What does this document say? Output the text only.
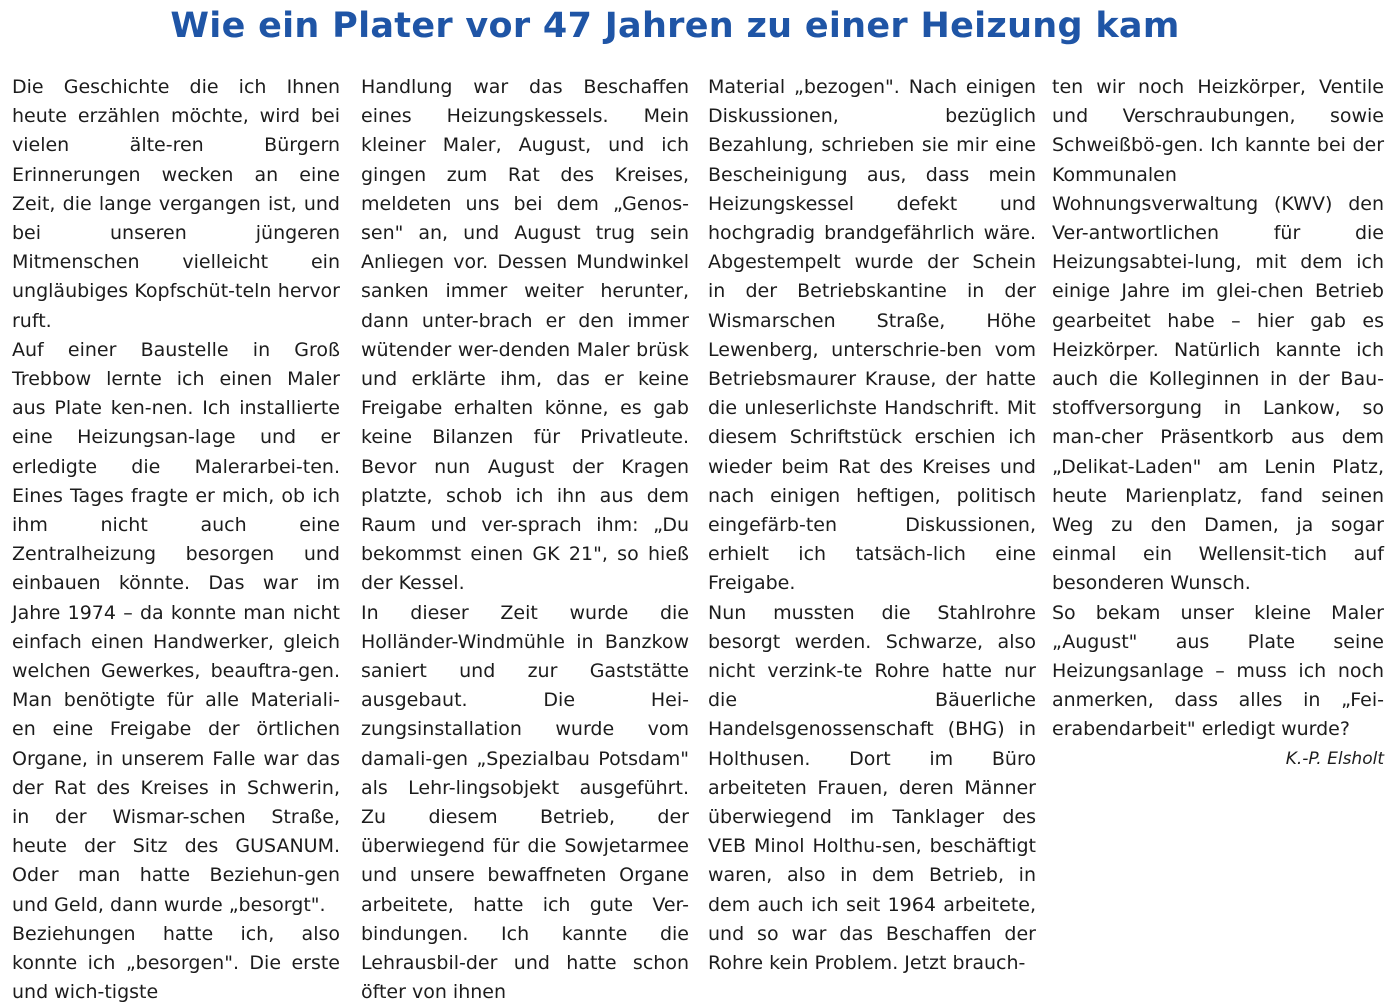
Wie ein Plater vor 47 Jahren zu einer Heizung kam

Die Geschichte die ich Ihnen heute erzählen möchte, wird bei vielen älte-ren Bürgern Erinnerungen wecken an eine Zeit, die lange vergangen ist, und bei unseren jüngeren Mitmenschen vielleicht ein ungläubiges Kopfschüt-teln hervor ruft.

Auf einer Baustelle in Groß Trebbow lernte ich einen Maler aus Plate ken-nen. Ich installierte eine Heizungsan-lage und er erledigte die Malerarbei-ten. Eines Tages fragte er mich, ob ich ihm nicht auch eine Zentralheizung besorgen und einbauen könnte. Das war im Jahre 1974 – da konnte man nicht einfach einen Handwerker, gleich welchen Gewerkes, beauftra-gen. Man benötigte für alle Materiali-en eine Freigabe der örtlichen Organe, in unserem Falle war das der Rat des Kreises in Schwerin, in der Wismar-schen Straße, heute der Sitz des GUSANUM. Oder man hatte Beziehun-gen und Geld, dann wurde „besorgt".

Beziehungen hatte ich, also konnte ich „besorgen". Die erste und wich-tigste

Handlung war das Beschaffen eines Heizungskessels. Mein kleiner Maler, August, und ich gingen zum Rat des Kreises, meldeten uns bei dem „Genos-sen" an, und August trug sein Anliegen vor. Dessen Mundwinkel sanken immer weiter herunter, dann unter-brach er den immer wütender wer-denden Maler brüsk und erklärte ihm, das er keine Freigabe erhalten könne, es gab keine Bilanzen für Privatleute. Bevor nun August der Kragen platzte, schob ich ihn aus dem Raum und ver-sprach ihm: „Du bekommst einen GK 21", so hieß der Kessel.

In dieser Zeit wurde die Holländer-Windmühle in Banzkow saniert und zur Gaststätte ausgebaut. Die Hei-zungsinstallation wurde vom damali-gen „Spezialbau Potsdam" als Lehr-lingsobjekt ausgeführt. Zu diesem Betrieb, der überwiegend für die Sowjetarmee und unsere bewaffneten Organe arbeitete, hatte ich gute Ver-bindungen. Ich kannte die Lehrausbil-der und hatte schon öfter von ihnen

Material „bezogen". Nach einigen Diskussionen, bezüglich Bezahlung, schrieben sie mir eine Bescheinigung aus, dass mein Heizungskessel defekt und hochgradig brandgefährlich wäre. Abgestempelt wurde der Schein in der Betriebskantine in der Wismarschen Straße, Höhe Lewenberg, unterschrie-ben vom Betriebsmaurer Krause, der hatte die unleserlichste Handschrift. Mit diesem Schriftstück erschien ich wieder beim Rat des Kreises und nach einigen heftigen, politisch eingefärb-ten Diskussionen, erhielt ich tatsäch-lich eine Freigabe.

Nun mussten die Stahlrohre besorgt werden. Schwarze, also nicht verzink-te Rohre hatte nur die Bäuerliche Handelsgenossenschaft (BHG) in Holthusen. Dort im Büro arbeiteten Frauen, deren Männer überwiegend im Tanklager des VEB Minol Holthu-sen, beschäftigt waren, also in dem Betrieb, in dem auch ich seit 1964 arbeitete, und so war das Beschaffen der Rohre kein Problem. Jetzt brauch-

ten wir noch Heizkörper, Ventile und Verschraubungen, sowie Schweißbö-gen. Ich kannte bei der Kommunalen Wohnungsverwaltung (KWV) den Ver-antwortlichen für die Heizungsabtei-lung, mit dem ich einige Jahre im glei-chen Betrieb gearbeitet habe – hier gab es Heizkörper. Natürlich kannte ich auch die Kolleginnen in der Bau-stoffversorgung in Lankow, so man-cher Präsentkorb aus dem „Delikat-Laden" am Lenin Platz, heute Marienplatz, fand seinen Weg zu den Damen, ja sogar einmal ein Wellensit-tich auf besonderen Wunsch.

So bekam unser kleine Maler „August" aus Plate seine Heizungsanlage – muss ich noch anmerken, dass alles in „Fei-erabendarbeit" erledigt wurde?

K.-P. Elsholt
